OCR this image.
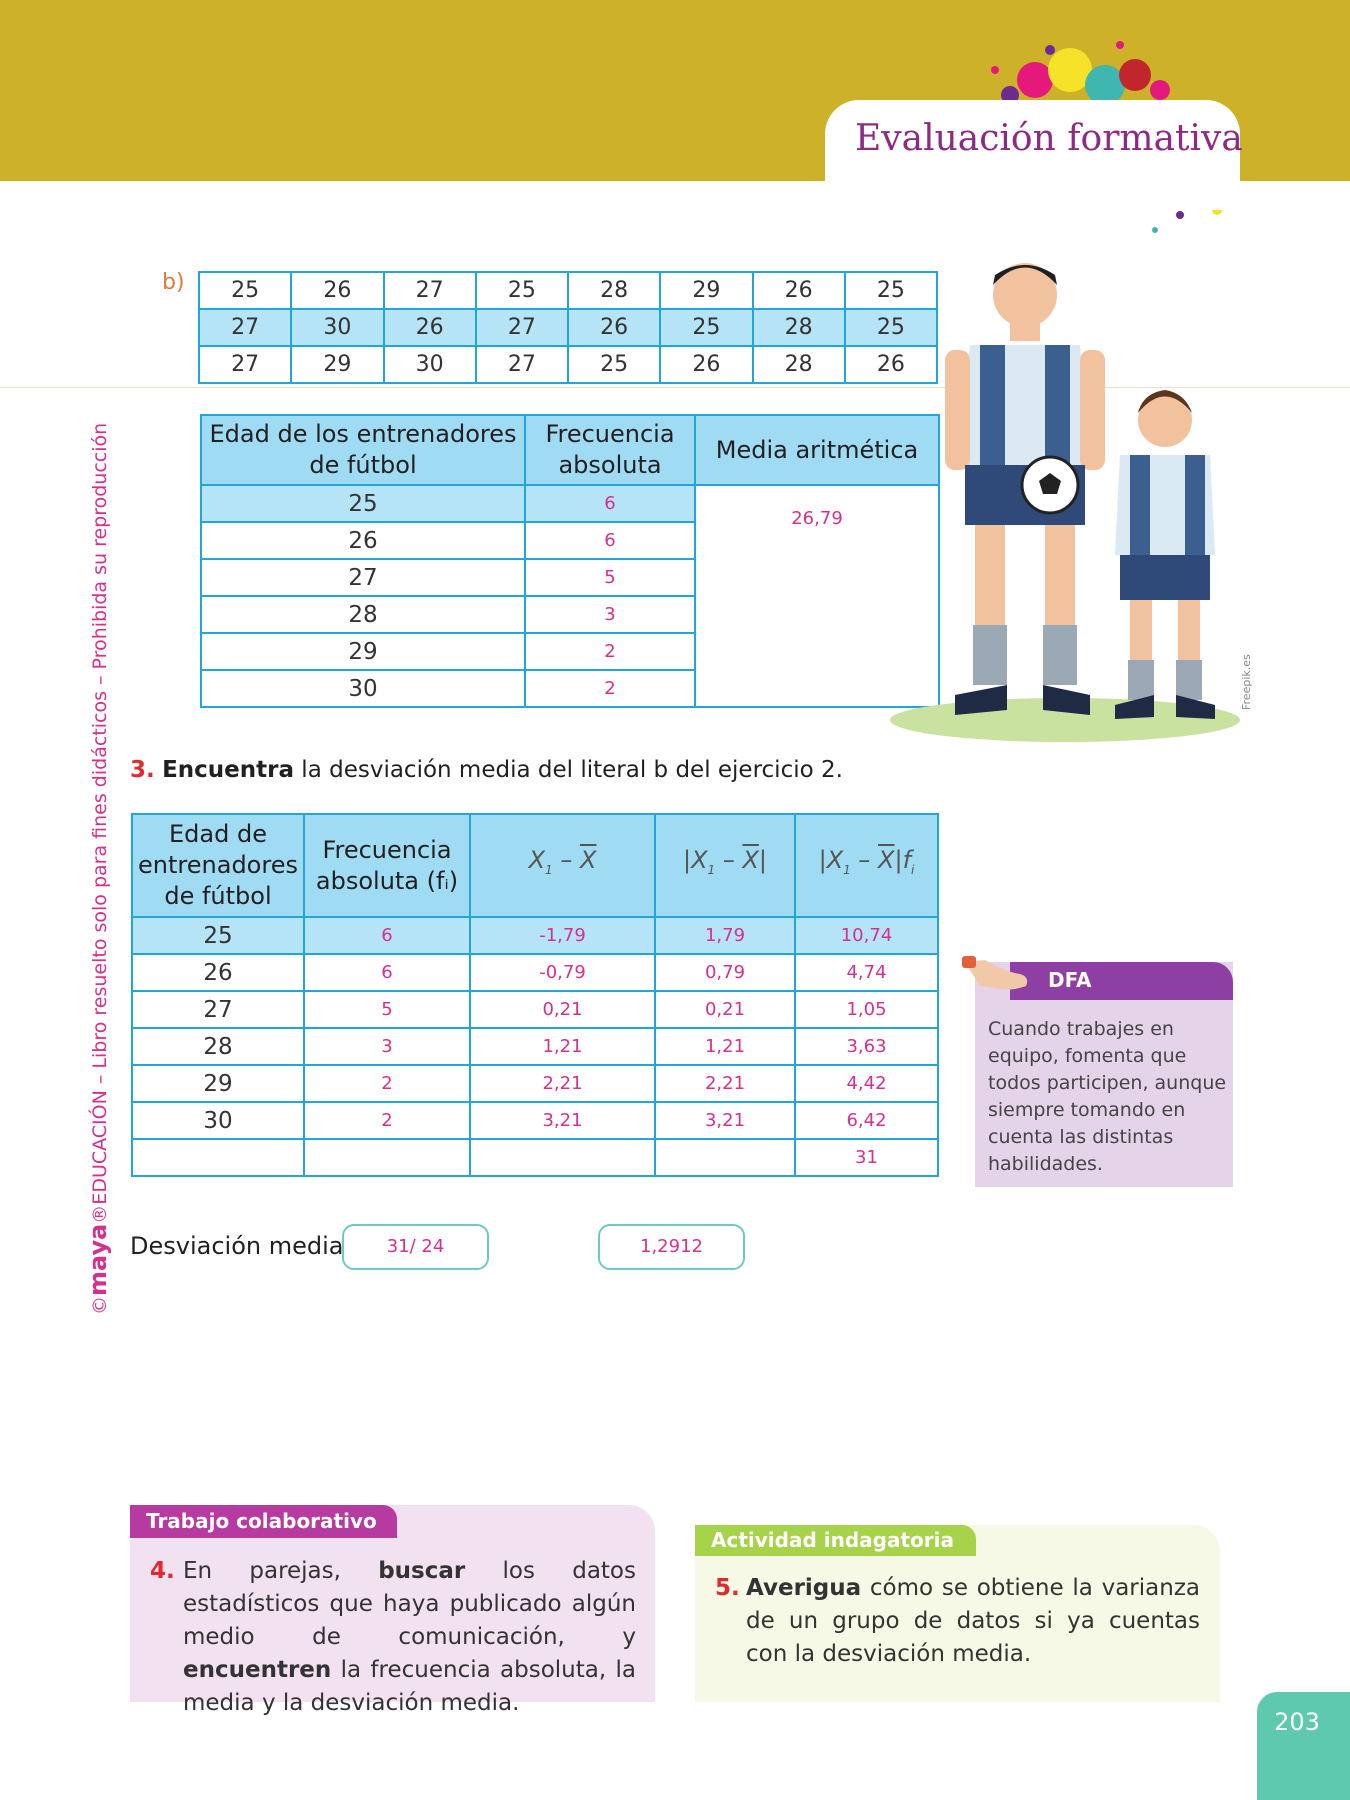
Evaluación formativa
©maya®EDUCACIÓN – Libro resuelto solo para fines didácticos – Prohibida su reproducción
b) 25	26	27	25	28	29	26	25
27	30	26	27	26	25	28	25
27	29	30	27	25	26	28	26
Edad de los entrenadores de fútbol	Frecuencia absoluta	Media aritmética
25	6	26,79
26	6	
27	5	
28	3	
29	2	
30	2		Freepik.es
3. Encuentra la desviación media del literal b del ejercicio 2.
Edad de entrenadores de fútbol	Frecuencia absoluta (fᵢ)	$X_1 - \overline{X}$	$|X_1 - \overline{X}|$	$|X_1 - \overline{X}|f_i$
25	6	-1,79	1,79	10,74
26	6	-0,79	0,79	4,74
27	5	0,21	0,21	1,05
28	3	1,21	1,21	3,63
29	2	2,21	2,21	4,42
30	2	3,21	3,21	6,42
				31
DFA
Cuando trabajes en equipo, fomenta que todos participen, aunque siempre tomando en cuenta las distintas habilidades.
Desviación media	31/ 24	1,2912
Trabajo colaborativo
4. En parejas, buscar los datos estadísticos que haya publicado algún medio de comunicación, y encuentren la frecuencia absoluta, la media y la desviación media.
Actividad indagatoria
5. Averigua cómo se obtiene la varianza de un grupo de datos si ya cuentas con la desviación media.
203
